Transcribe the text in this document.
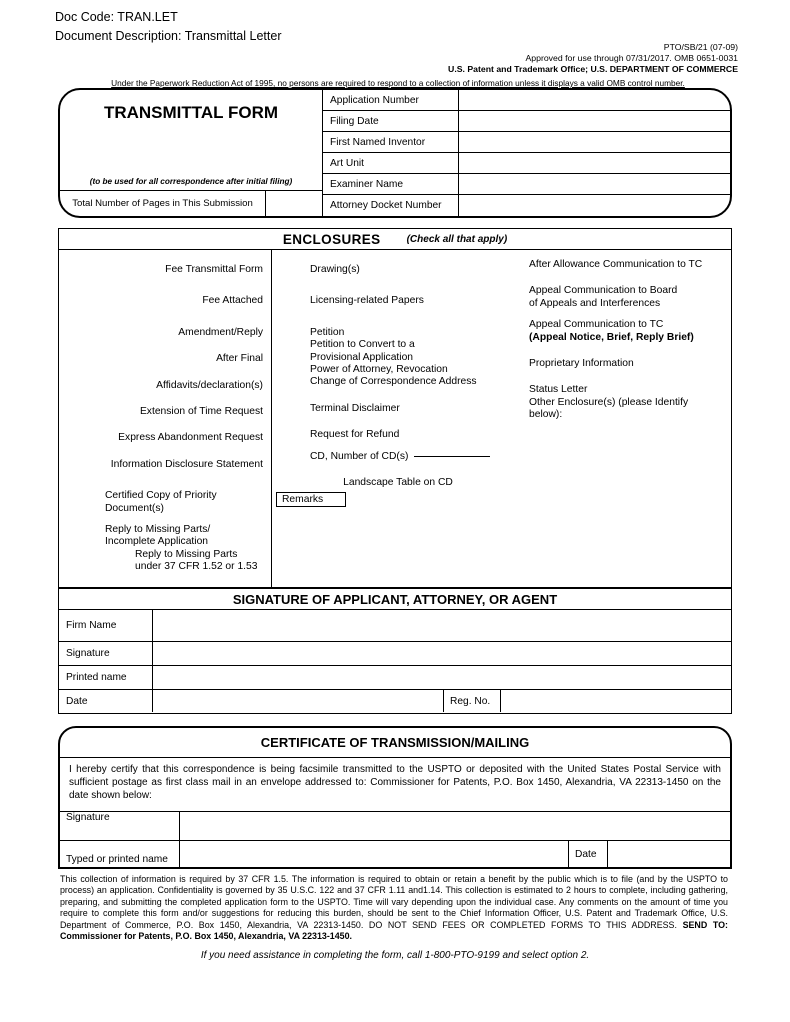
Doc Code: TRAN.LET
Document Description: Transmittal Letter
PTO/SB/21 (07-09)
Approved for use through 07/31/2017. OMB 0651-0031
U.S. Patent and Trademark Office; U.S. DEPARTMENT OF COMMERCE
Under the Paperwork Reduction Act of 1995, no persons are required to respond to a collection of information unless it displays a valid OMB control number.
TRANSMITTAL FORM
(to be used for all correspondence after initial filing)
Total Number of Pages in This Submission
Application Number
Filing Date
First Named Inventor
Art Unit
Examiner Name
Attorney Docket Number
ENCLOSURES	(Check all that apply)
Fee Transmittal Form
Fee Attached
Amendment/Reply
After Final
Affidavits/declaration(s)
Extension of Time Request
Express Abandonment Request
Information Disclosure Statement
Certified Copy of Priority
Document(s)
Reply to Missing Parts/
Incomplete Application
Reply to Missing Parts
under 37 CFR 1.52 or 1.53
Drawing(s)
Licensing-related Papers
Petition
Petition to Convert to a
Provisional Application
Power of Attorney, Revocation
Change of Correspondence Address
Terminal Disclaimer
Request for Refund
CD, Number of CD(s)
Landscape Table on CD
Remarks
After Allowance Communication to TC
Appeal Communication to Board
of Appeals and Interferences
Appeal Communication to TC
(Appeal Notice, Brief, Reply Brief)
Proprietary Information
Status Letter
Other Enclosure(s) (please Identify
below):
SIGNATURE OF APPLICANT, ATTORNEY, OR AGENT
Firm Name
Signature
Printed name
Date	Reg. No.
CERTIFICATE OF TRANSMISSION/MAILING
I hereby certify that this correspondence is being facsimile transmitted to the USPTO or deposited with the United States Postal Service with sufficient postage as first class mail in an envelope addressed to: Commissioner for Patents, P.O. Box 1450, Alexandria, VA 22313-1450 on the date shown below:
Signature
Typed or printed name	Date
This collection of information is required by 37 CFR 1.5. The information is required to obtain or retain a benefit by the public which is to file (and by the USPTO to process) an application. Confidentiality is governed by 35 U.S.C. 122 and 37 CFR 1.11 and1.14. This collection is estimated to 2 hours to complete, including gathering, preparing, and submitting the completed application form to the USPTO. Time will vary depending upon the individual case. Any comments on the amount of time you require to complete this form and/or suggestions for reducing this burden, should be sent to the Chief Information Officer, U.S. Patent and Trademark Office, U.S. Department of Commerce, P.O. Box 1450, Alexandria, VA 22313-1450. DO NOT SEND FEES OR COMPLETED FORMS TO THIS ADDRESS. SEND TO: Commissioner for Patents, P.O. Box 1450, Alexandria, VA 22313-1450.
If you need assistance in completing the form, call 1-800-PTO-9199 and select option 2.
